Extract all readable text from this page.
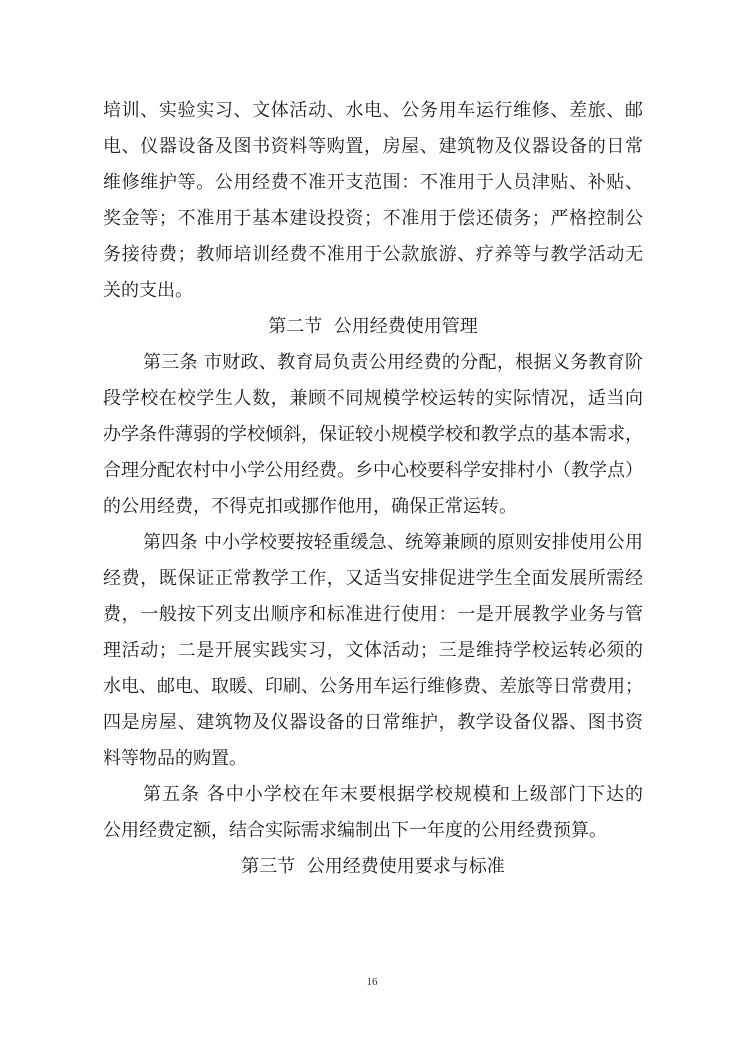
培训、实验实习、文体活动、水电、公务用车运行维修、差旅、邮
电、仪器设备及图书资料等购置，房屋、建筑物及仪器设备的日常
维修维护等。公用经费不准开支范围：不准用于人员津贴、补贴、
奖金等；不准用于基本建设投资；不准用于偿还债务；严格控制公
务接待费；教师培训经费不准用于公款旅游、疗养等与教学活动无
关的支出。
第二节  公用经费使用管理
第三条 市财政、教育局负责公用经费的分配，根据义务教育阶
段学校在校学生人数，兼顾不同规模学校运转的实际情况，适当向
办学条件薄弱的学校倾斜，保证较小规模学校和教学点的基本需求，
合理分配农村中小学公用经费。乡中心校要科学安排村小（教学点）
的公用经费，不得克扣或挪作他用，确保正常运转。
第四条 中小学校要按轻重缓急、统筹兼顾的原则安排使用公用
经费，既保证正常教学工作，又适当安排促进学生全面发展所需经
费，一般按下列支出顺序和标准进行使用：一是开展教学业务与管
理活动；二是开展实践实习，文体活动；三是维持学校运转必须的
水电、邮电、取暖、印刷、公务用车运行维修费、差旅等日常费用；
四是房屋、建筑物及仪器设备的日常维护，教学设备仪器、图书资
料等物品的购置。
第五条 各中小学校在年末要根据学校规模和上级部门下达的
公用经费定额，结合实际需求编制出下一年度的公用经费预算。
第三节  公用经费使用要求与标准
16
